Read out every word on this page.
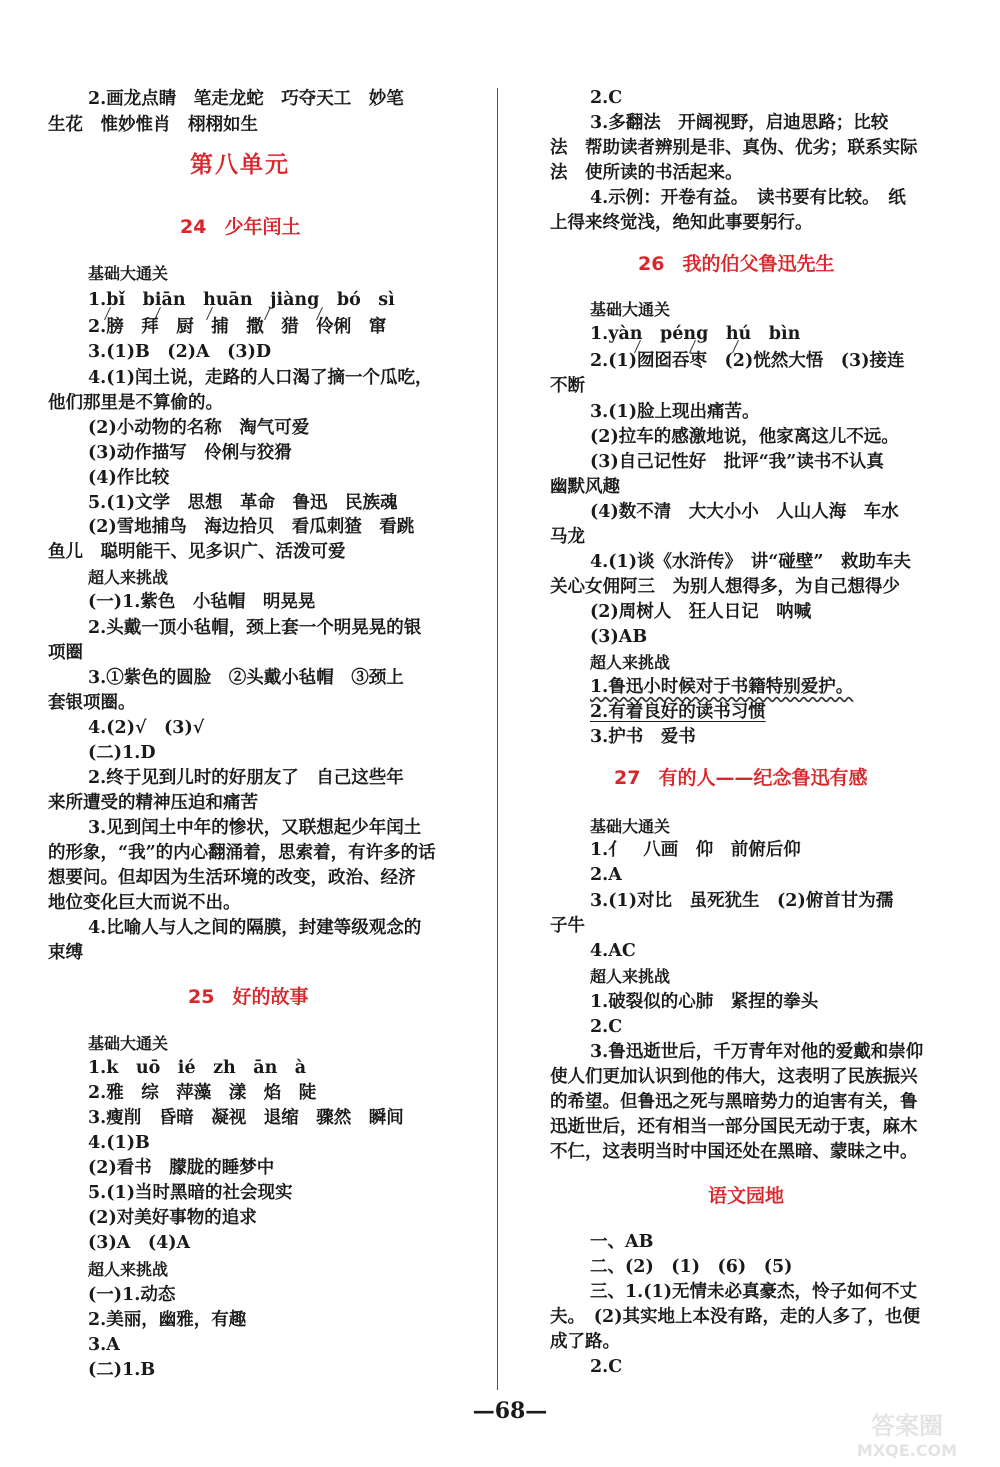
2.画龙点睛　笔走龙蛇　巧夺天工　妙笔
生花　惟妙惟肖　栩栩如生
第八单元
24 少年闰土
基础大通关
1.bǐ　biān　huān　jiàng　bó　sì
2.膀　拜　厨　捕　撒　猎　伶俐　窜
3.(1)B　(2)A　(3)D
4.(1)闰土说，走路的人口渴了摘一个瓜吃，
他们那里是不算偷的。
(2)小动物的名称　淘气可爱
(3)动作描写　伶俐与狡猾
(4)作比较
5.(1)文学　思想　革命　鲁迅　民族魂
(2)雪地捕鸟　海边拾贝　看瓜刺猹　看跳
鱼儿　聪明能干、见多识广、活泼可爱
超人来挑战
(一)1.紫色　小毡帽　明晃晃
2.头戴一顶小毡帽，颈上套一个明晃晃的银
项圈
3.①紫色的圆脸　②头戴小毡帽　③颈上
套银项圈。
4.(2)√　(3)√
(二)1.D
2.终于见到儿时的好朋友了　自己这些年
来所遭受的精神压迫和痛苦
3.见到闰土中年的惨状，又联想起少年闰土
的形象，“我”的内心翻涌着，思索着，有许多的话
想要问。但却因为生活环境的改变，政治、经济
地位变化巨大而说不出。
4.比喻人与人之间的隔膜，封建等级观念的
束缚
25 好的故事
基础大通关
1.k　uō　ié　zh　ān　à
2.雅　综　萍藻　漾　焰　陡
3.瘦削　昏暗　凝视　退缩　骤然　瞬间
4.(1)B
(2)看书　朦胧的睡梦中
5.(1)当时黑暗的社会现实
(2)对美好事物的追求
(3)A　(4)A
超人来挑战
(一)1.动态
2.美丽，幽雅，有趣
3.A
(二)1.B
2.C
3.多翻法　开阔视野，启迪思路；比较
法　帮助读者辨别是非、真伪、优劣；联系实际
法　使所读的书活起来。
4.示例：开卷有益。　读书要有比较。　纸
上得来终觉浅，绝知此事要躬行。
26 我的伯父鲁迅先生
基础大通关
1.yàn　péng　hú　bìn
2.(1)囫囵吞枣　(2)恍然大悟　(3)接连
不断
3.(1)脸上现出痛苦。
(2)拉车的感激地说，他家离这儿不远。
(3)自己记性好　批评“我”读书不认真
幽默风趣
(4)数不清　大大小小　人山人海　车水
马龙
4.(1)谈《水浒传》　讲“碰壁”　救助车夫
关心女佣阿三　为别人想得多，为自己想得少
(2)周树人　狂人日记　呐喊
(3)AB
超人来挑战
1.鲁迅小时候对于书籍特别爱护。
2.有着良好的读书习惯
3.护书　爱书
27 有的人——纪念鲁迅有感
基础大通关
1.亻　八画　仰　前俯后仰
2.A
3.(1)对比　虽死犹生　(2)俯首甘为孺
子牛
4.AC
超人来挑战
1.破裂似的心肺　紧捏的拳头
2.C
3.鲁迅逝世后，千万青年对他的爱戴和崇仰
使人们更加认识到他的伟大，这表明了民族振兴
的希望。但鲁迅之死与黑暗势力的迫害有关，鲁
迅逝世后，还有相当一部分国民无动于衷，麻木
不仁，这表明当时中国还处在黑暗、蒙昧之中。
语文园地
一、AB
二、(2)　(1)　(6)　(5)
三、1.(1)无情未必真豪杰，怜子如何不丈
夫。　(2)其实地上本没有路，走的人多了，也便
成了路。
2.C
—68—
答案圈
MXQE.COM
